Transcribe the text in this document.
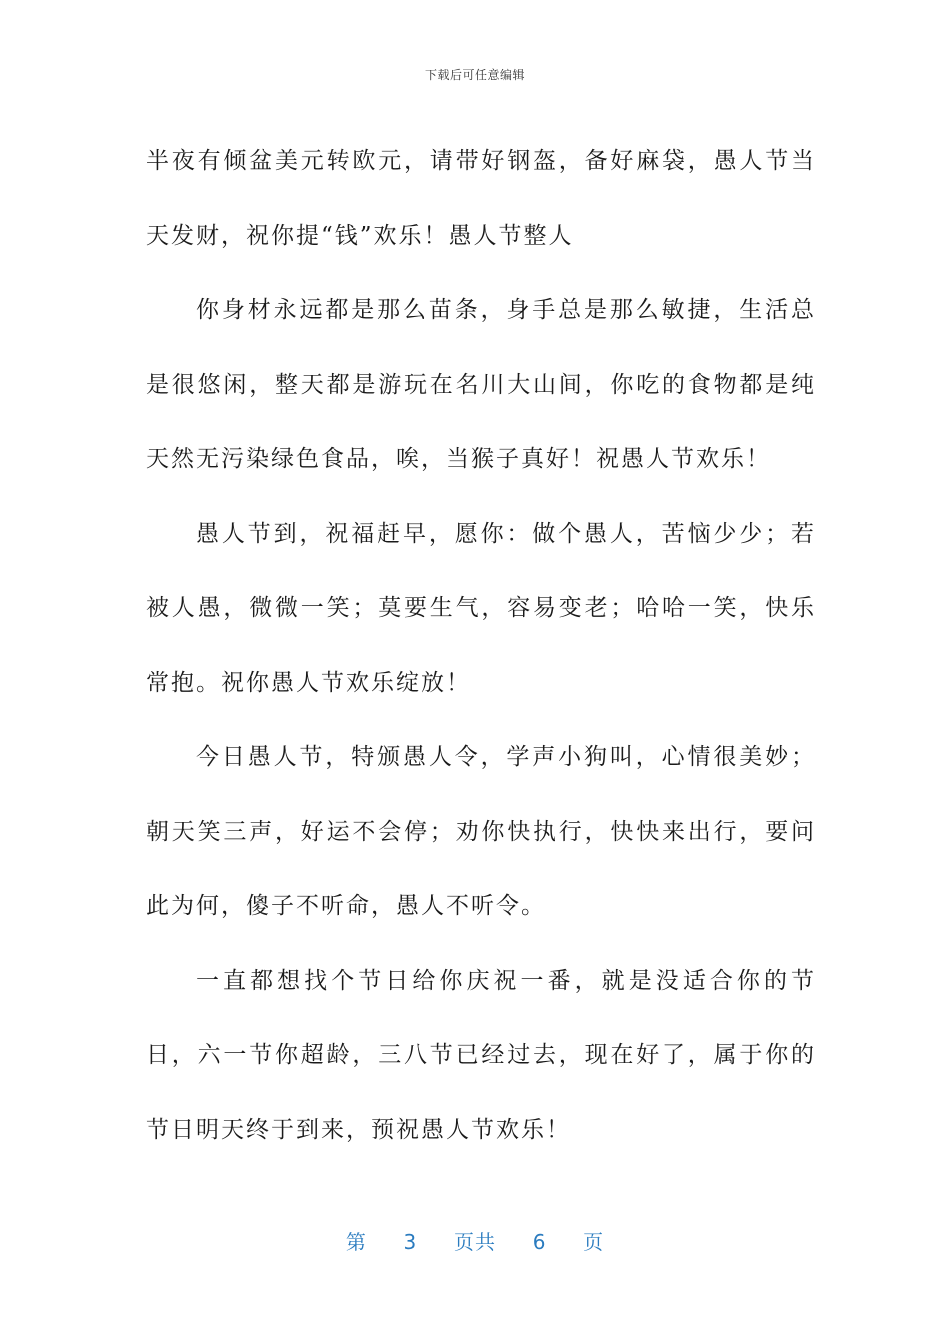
下载后可任意编辑

半夜有倾盆美元转欧元，请带好钢盔，备好麻袋，愚人节当天发财，祝你提“钱”欢乐！愚人节整人

你身材永远都是那么苗条，身手总是那么敏捷，生活总是很悠闲，整天都是游玩在名川大山间，你吃的食物都是纯天然无污染绿色食品，唉，当猴子真好！祝愚人节欢乐！

愚人节到，祝福赶早，愿你：做个愚人，苦恼少少；若被人愚，微微一笑；莫要生气，容易变老；哈哈一笑，快乐常抱。祝你愚人节欢乐绽放！

今日愚人节，特颁愚人令，学声小狗叫，心情很美妙；朝天笑三声，好运不会停；劝你快执行，快快来出行，要问此为何，傻子不听命，愚人不听令。

一直都想找个节日给你庆祝一番，就是没适合你的节日，六一节你超龄，三八节已经过去，现在好了，属于你的节日明天终于到来，预祝愚人节欢乐！

第 3 页共 6 页
